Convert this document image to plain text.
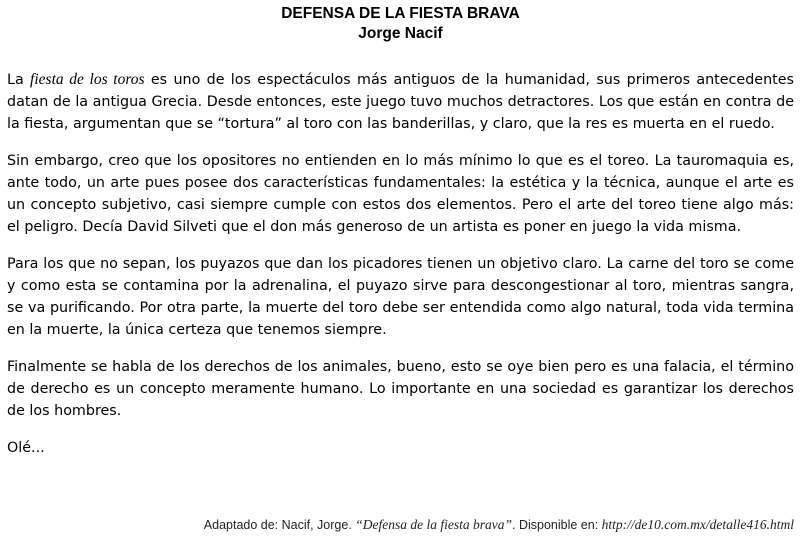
DEFENSA DE LA FIESTA BRAVA
Jorge Nacif

La fiesta de los toros es uno de los espectáculos más antiguos de la humanidad, sus primeros antecedentes datan de la antigua Grecia. Desde entonces, este juego tuvo muchos detractores. Los que están en contra de la fiesta, argumentan que se “tortura” al toro con las banderillas, y claro, que la res es muerta en el ruedo.

Sin embargo, creo que los opositores no entienden en lo más mínimo lo que es el toreo. La tauromaquia es, ante todo, un arte pues posee dos características fundamentales: la estética y la técnica, aunque el arte es un concepto subjetivo, casi siempre cumple con estos dos elementos. Pero el arte del toreo tiene algo más: el peligro. Decía David Silveti que el don más generoso de un artista es poner en juego la vida misma.

Para los que no sepan, los puyazos que dan los picadores tienen un objetivo claro. La carne del toro se come y como esta se contamina por la adrenalina, el puyazo sirve para descongestionar al toro, mientras sangra, se va purificando. Por otra parte, la muerte del toro debe ser entendida como algo natural, toda vida termina en la muerte, la única certeza que tenemos siempre.

Finalmente se habla de los derechos de los animales, bueno, esto se oye bien pero es una falacia, el término de derecho es un concepto meramente humano. Lo importante en una sociedad es garantizar los derechos de los hombres.

Olé...

Adaptado de: Nacif, Jorge. “Defensa de la fiesta brava”. Disponible en: http://de10.com.mx/detalle416.html
